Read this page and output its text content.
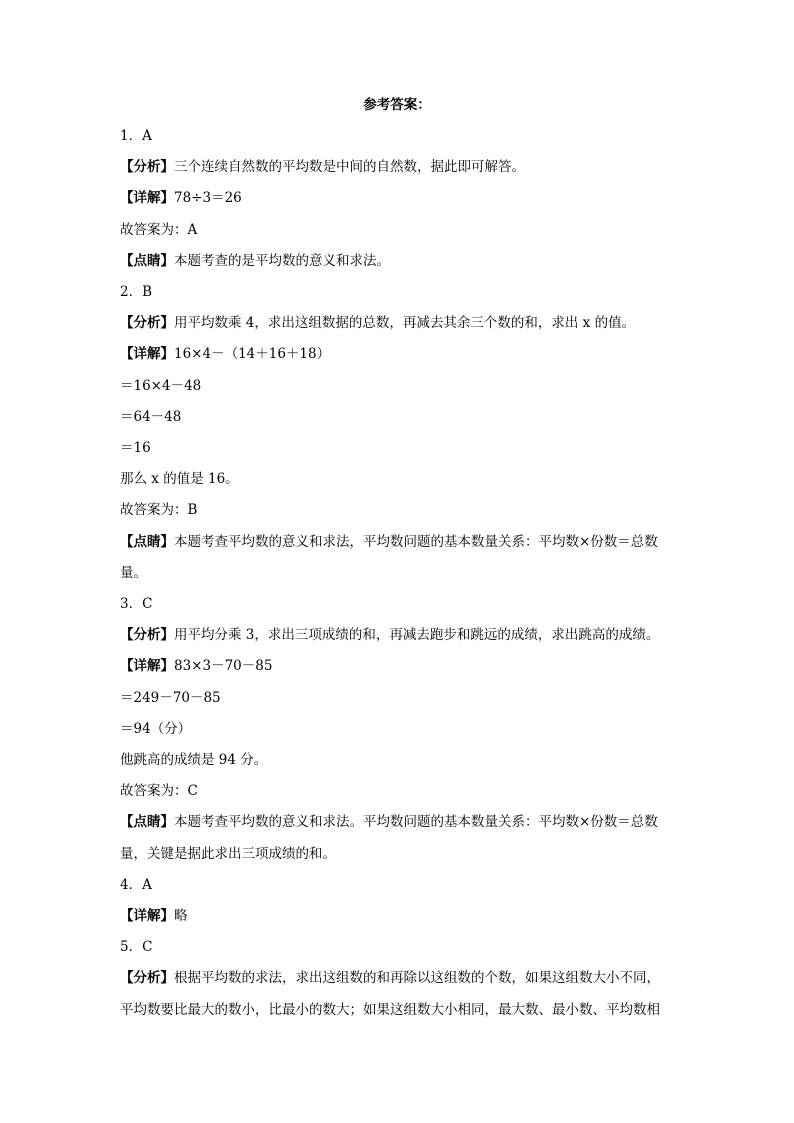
参考答案：
1．A
【分析】三个连续自然数的平均数是中间的自然数，据此即可解答。
【详解】78÷3＝26
故答案为：A
【点睛】本题考查的是平均数的意义和求法。
2．B
【分析】用平均数乘 4，求出这组数据的总数，再减去其余三个数的和，求出 x 的值。
【详解】16×4－（14＋16＋18）
＝16×4－48
＝64－48
＝16
那么 x 的值是 16。
故答案为：B
【点睛】本题考查平均数的意义和求法，平均数问题的基本数量关系：平均数×份数＝总数
量。
3．C
【分析】用平均分乘 3，求出三项成绩的和，再减去跑步和跳远的成绩，求出跳高的成绩。
【详解】83×3－70－85
＝249－70－85
＝94（分）
他跳高的成绩是 94 分。
故答案为：C
【点睛】本题考查平均数的意义和求法。平均数问题的基本数量关系：平均数×份数＝总数
量，关键是据此求出三项成绩的和。
4．A
【详解】略
5．C
【分析】根据平均数的求法，求出这组数的和再除以这组数的个数，如果这组数大小不同，
平均数要比最大的数小，比最小的数大；如果这组数大小相同，最大数、最小数、平均数相
